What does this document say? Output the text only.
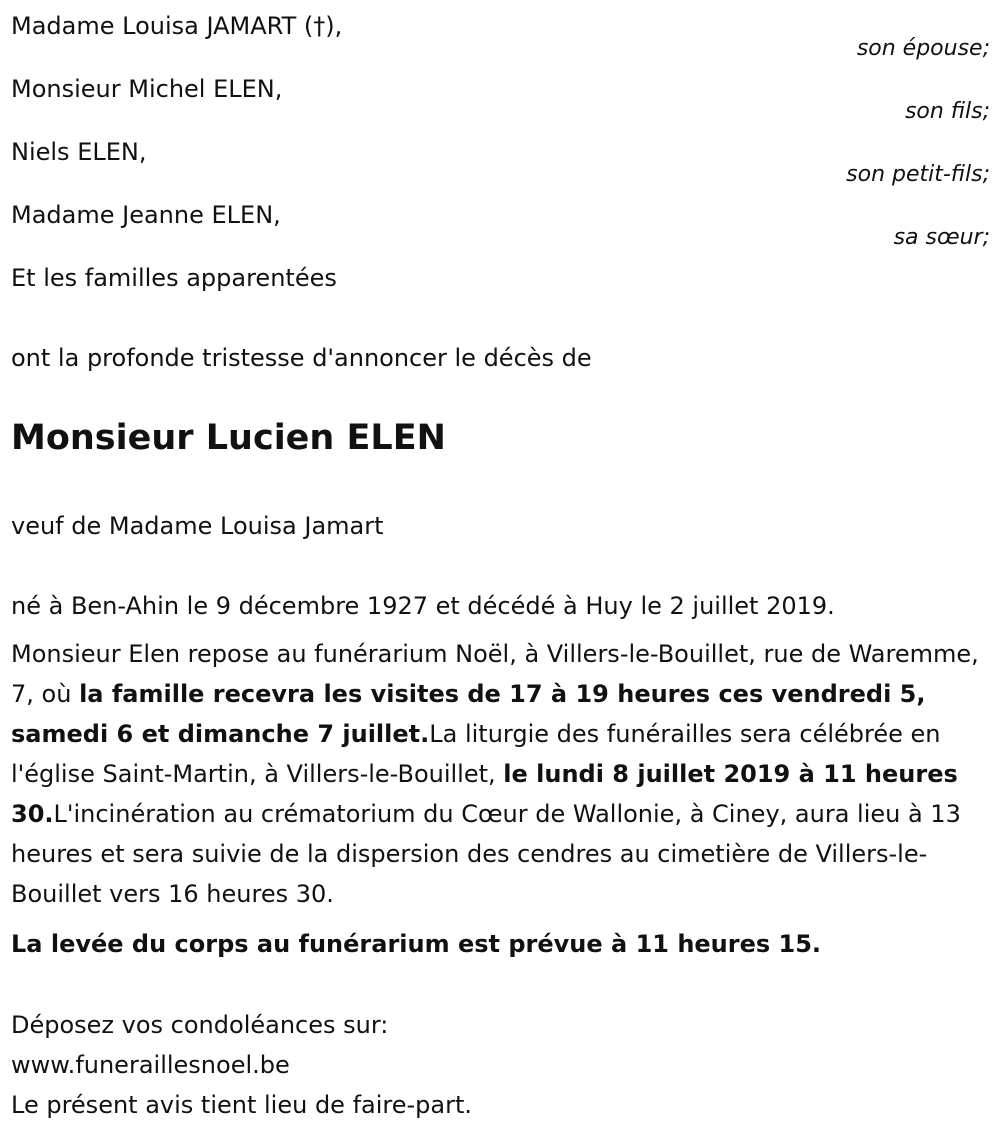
Madame Louisa JAMART (†),
son épouse;
Monsieur Michel ELEN,
son fils;
Niels ELEN,
son petit-fils;
Madame Jeanne ELEN,
sa sœur;
Et les familles apparentées
ont la profonde tristesse d'annoncer le décès de
Monsieur Lucien ELEN
veuf de Madame Louisa Jamart
né à Ben-Ahin le 9 décembre 1927 et décédé à Huy le 2 juillet 2019.
Monsieur Elen repose au funérarium Noël, à Villers-le-Bouillet, rue de Waremme, 7, où la famille recevra les visites de 17 à 19 heures ces vendredi 5, samedi 6 et dimanche 7 juillet.La liturgie des funérailles sera célébrée en l'église Saint-Martin, à Villers-le-Bouillet, le lundi 8 juillet 2019 à 11 heures 30.L'incinération au crématorium du Cœur de Wallonie, à Ciney, aura lieu à 13 heures et sera suivie de la dispersion des cendres au cimetière de Villers-le-Bouillet vers 16 heures 30.
La levée du corps au funérarium est prévue à 11 heures 15.
Déposez vos condoléances sur:
www.funeraillesnoel.be
Le présent avis tient lieu de faire-part.
